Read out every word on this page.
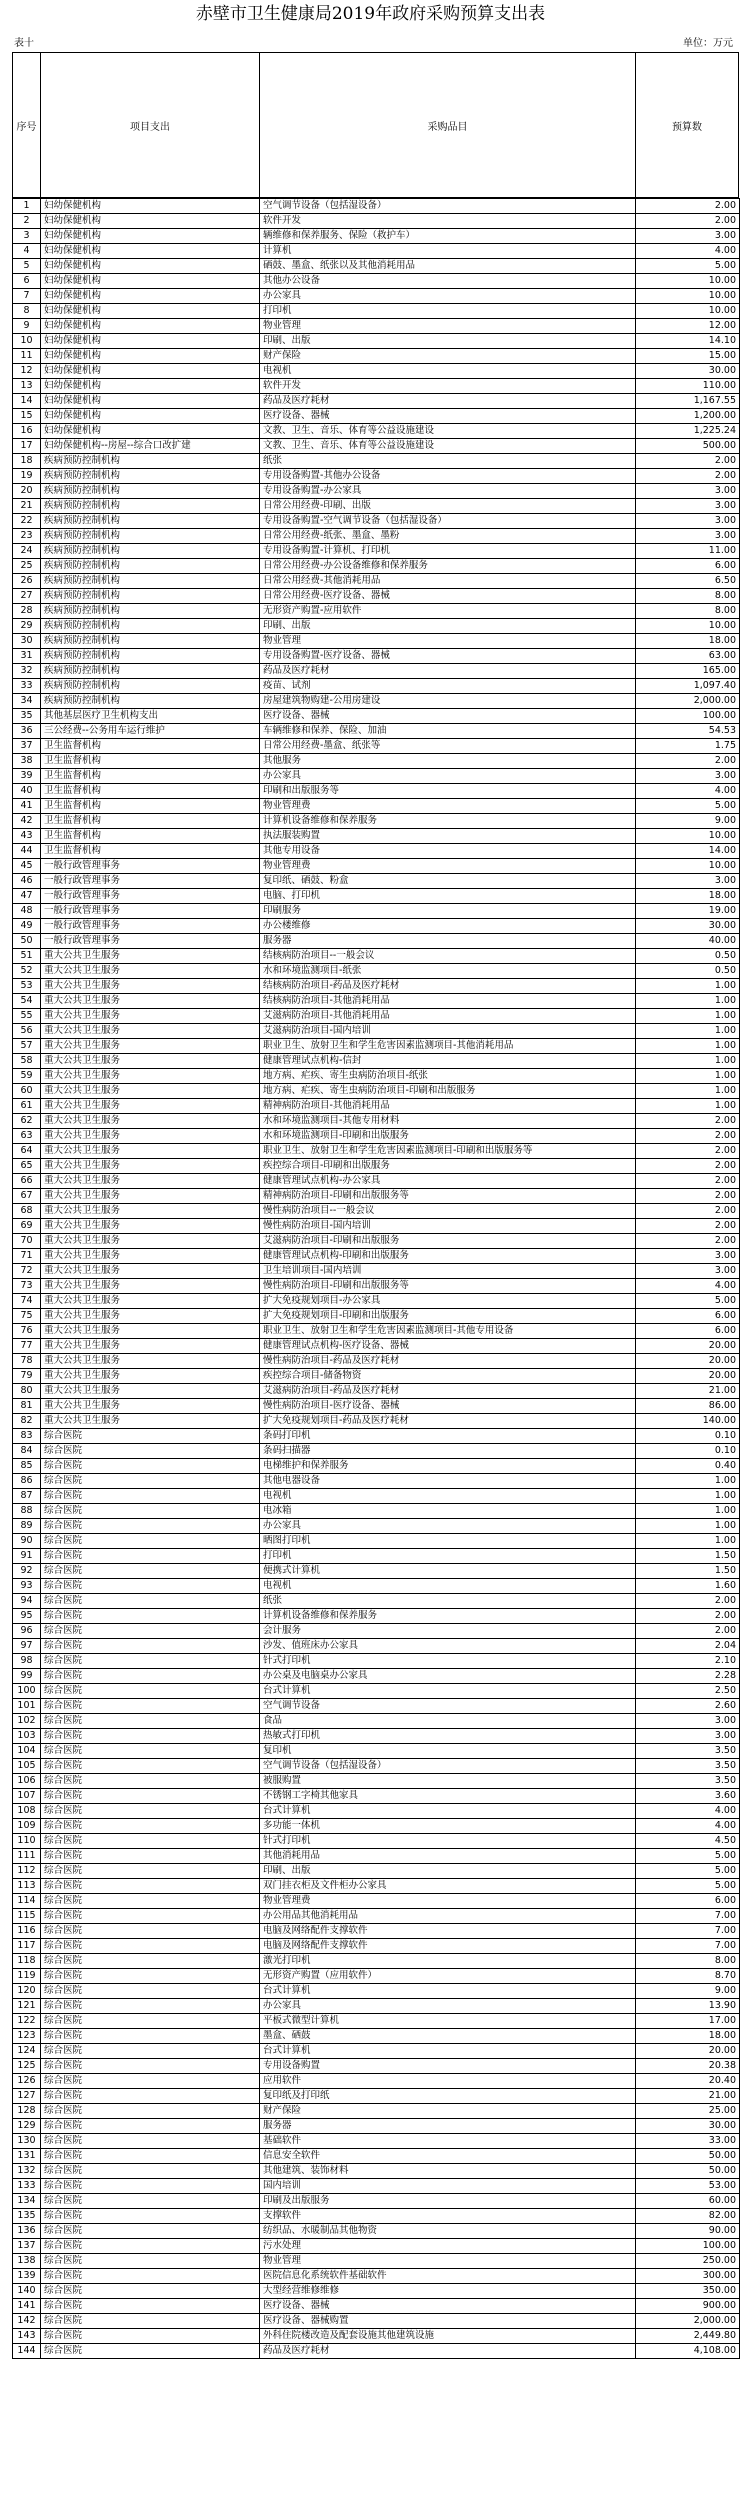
赤壁市卫生健康局2019年政府采购预算支出表
表十	单位：万元
序号	项目支出	采购品目	预算数
1	妇幼保健机构	空气调节设备（包括湿设备）	2.00
2	妇幼保健机构	软件开发	2.00
3	妇幼保健机构	辆维修和保养服务、保险（救护车）	3.00
4	妇幼保健机构	计算机	4.00
5	妇幼保健机构	硒鼓、墨盒、纸张以及其他消耗用品	5.00
6	妇幼保健机构	其他办公设备	10.00
7	妇幼保健机构	办公家具	10.00
8	妇幼保健机构	打印机	10.00
9	妇幼保健机构	物业管理	12.00
10	妇幼保健机构	印刷、出版	14.10
11	妇幼保健机构	财产保险	15.00
12	妇幼保健机构	电视机	30.00
13	妇幼保健机构	软件开发	110.00
14	妇幼保健机构	药品及医疗耗材	1,167.55
15	妇幼保健机构	医疗设备、器械	1,200.00
16	妇幼保健机构	文教、卫生、音乐、体育等公益设施建设	1,225.24
17	妇幼保健机构--房屋--综合口改扩建	文教、卫生、音乐、体育等公益设施建设	500.00
18	疾病预防控制机构	纸张	2.00
19	疾病预防控制机构	专用设备购置-其他办公设备	2.00
20	疾病预防控制机构	专用设备购置-办公家具	3.00
21	疾病预防控制机构	日常公用经费-印刷、出版	3.00
22	疾病预防控制机构	专用设备购置-空气调节设备（包括湿设备）	3.00
23	疾病预防控制机构	日常公用经费-纸张、墨盒、墨粉	3.00
24	疾病预防控制机构	专用设备购置-计算机、打印机	11.00
25	疾病预防控制机构	日常公用经费-办公设备维修和保养服务	6.00
26	疾病预防控制机构	日常公用经费-其他消耗用品	6.50
27	疾病预防控制机构	日常公用经费-医疗设备、器械	8.00
28	疾病预防控制机构	无形资产购置-应用软件	8.00
29	疾病预防控制机构	印刷、出版	10.00
30	疾病预防控制机构	物业管理	18.00
31	疾病预防控制机构	专用设备购置-医疗设备、器械	63.00
32	疾病预防控制机构	药品及医疗耗材	165.00
33	疾病预防控制机构	疫苗、试剂	1,097.40
34	疾病预防控制机构	房屋建筑物购建-公用房建设	2,000.00
35	其他基层医疗卫生机构支出	医疗设备、器械	100.00
36	三公经费--公务用车运行维护	车辆维修和保养、保险、加油	54.53
37	卫生监督机构	日常公用经费-墨盒、纸张等	1.75
38	卫生监督机构	其他服务	2.00
39	卫生监督机构	办公家具	3.00
40	卫生监督机构	印刷和出版服务等	4.00
41	卫生监督机构	物业管理费	5.00
42	卫生监督机构	计算机设备维修和保养服务	9.00
43	卫生监督机构	执法服装购置	10.00
44	卫生监督机构	其他专用设备	14.00
45	一般行政管理事务	物业管理费	10.00
46	一般行政管理事务	复印纸、硒鼓、粉盒	3.00
47	一般行政管理事务	电脑、打印机	18.00
48	一般行政管理事务	印刷服务	19.00
49	一般行政管理事务	办公楼维修	30.00
50	一般行政管理事务	服务器	40.00
51	重大公共卫生服务	结核病防治项目--一般会议	0.50
52	重大公共卫生服务	水和环境监测项目-纸张	0.50
53	重大公共卫生服务	结核病防治项目-药品及医疗耗材	1.00
54	重大公共卫生服务	结核病防治项目-其他消耗用品	1.00
55	重大公共卫生服务	艾滋病防治项目-其他消耗用品	1.00
56	重大公共卫生服务	艾滋病防治项目-国内培训	1.00
57	重大公共卫生服务	职业卫生、放射卫生和学生危害因素监测项目-其他消耗用品	1.00
58	重大公共卫生服务	健康管理试点机构-信封	1.00
59	重大公共卫生服务	地方病、疟疾、寄生虫病防治项目-纸张	1.00
60	重大公共卫生服务	地方病、疟疾、寄生虫病防治项目-印刷和出版服务	1.00
61	重大公共卫生服务	精神病防治项目-其他消耗用品	1.00
62	重大公共卫生服务	水和环境监测项目-其他专用材料	2.00
63	重大公共卫生服务	水和环境监测项目-印刷和出版服务	2.00
64	重大公共卫生服务	职业卫生、放射卫生和学生危害因素监测项目-印刷和出版服务等	2.00
65	重大公共卫生服务	疾控综合项目-印刷和出版服务	2.00
66	重大公共卫生服务	健康管理试点机构-办公家具	2.00
67	重大公共卫生服务	精神病防治项目-印刷和出版服务等	2.00
68	重大公共卫生服务	慢性病防治项目--一般会议	2.00
69	重大公共卫生服务	慢性病防治项目-国内培训	2.00
70	重大公共卫生服务	艾滋病防治项目-印刷和出版服务	2.00
71	重大公共卫生服务	健康管理试点机构-印刷和出版服务	3.00
72	重大公共卫生服务	卫生培训项目-国内培训	3.00
73	重大公共卫生服务	慢性病防治项目-印刷和出版服务等	4.00
74	重大公共卫生服务	扩大免疫规划项目-办公家具	5.00
75	重大公共卫生服务	扩大免疫规划项目-印刷和出版服务	6.00
76	重大公共卫生服务	职业卫生、放射卫生和学生危害因素监测项目-其他专用设备	6.00
77	重大公共卫生服务	健康管理试点机构-医疗设备、器械	20.00
78	重大公共卫生服务	慢性病防治项目-药品及医疗耗材	20.00
79	重大公共卫生服务	疾控综合项目-储备物资	20.00
80	重大公共卫生服务	艾滋病防治项目-药品及医疗耗材	21.00
81	重大公共卫生服务	慢性病防治项目-医疗设备、器械	86.00
82	重大公共卫生服务	扩大免疫规划项目-药品及医疗耗材	140.00
83	综合医院	条码打印机	0.10
84	综合医院	条码扫描器	0.10
85	综合医院	电梯维护和保养服务	0.40
86	综合医院	其他电器设备	1.00
87	综合医院	电视机	1.00
88	综合医院	电冰箱	1.00
89	综合医院	办公家具	1.00
90	综合医院	晒图打印机	1.00
91	综合医院	打印机	1.50
92	综合医院	便携式计算机	1.50
93	综合医院	电视机	1.60
94	综合医院	纸张	2.00
95	综合医院	计算机设备维修和保养服务	2.00
96	综合医院	会计服务	2.00
97	综合医院	沙发、值班床办公家具	2.04
98	综合医院	针式打印机	2.10
99	综合医院	办公桌及电脑桌办公家具	2.28
100	综合医院	台式计算机	2.50
101	综合医院	空气调节设备	2.60
102	综合医院	食品	3.00
103	综合医院	热敏式打印机	3.00
104	综合医院	复印机	3.50
105	综合医院	空气调节设备（包括湿设备）	3.50
106	综合医院	被服购置	3.50
107	综合医院	不锈钢工字椅其他家具	3.60
108	综合医院	台式计算机	4.00
109	综合医院	多功能一体机	4.00
110	综合医院	针式打印机	4.50
111	综合医院	其他消耗用品	5.00
112	综合医院	印刷、出版	5.00
113	综合医院	双门挂衣柜及文件柜办公家具	5.00
114	综合医院	物业管理费	6.00
115	综合医院	办公用品其他消耗用品	7.00
116	综合医院	电脑及网络配件支撑软件	7.00
117	综合医院	电脑及网络配件支撑软件	7.00
118	综合医院	激光打印机	8.00
119	综合医院	无形资产购置（应用软件）	8.70
120	综合医院	台式计算机	9.00
121	综合医院	办公家具	13.90
122	综合医院	平板式微型计算机	17.00
123	综合医院	墨盒、硒鼓	18.00
124	综合医院	台式计算机	20.00
125	综合医院	专用设备购置	20.38
126	综合医院	应用软件	20.40
127	综合医院	复印纸及打印纸	21.00
128	综合医院	财产保险	25.00
129	综合医院	服务器	30.00
130	综合医院	基础软件	33.00
131	综合医院	信息安全软件	50.00
132	综合医院	其他建筑、装饰材料	50.00
133	综合医院	国内培训	53.00
134	综合医院	印刷及出版服务	60.00
135	综合医院	支撑软件	82.00
136	综合医院	纺织品、水暖制品其他物资	90.00
137	综合医院	污水处理	100.00
138	综合医院	物业管理	250.00
139	综合医院	医院信息化系统软件基础软件	300.00
140	综合医院	大型经营维修维修	350.00
141	综合医院	医疗设备、器械	900.00
142	综合医院	医疗设备、器械购置	2,000.00
143	综合医院	外科住院楼改造及配套设施其他建筑设施	2,449.80
144	综合医院	药品及医疗耗材	4,108.00
